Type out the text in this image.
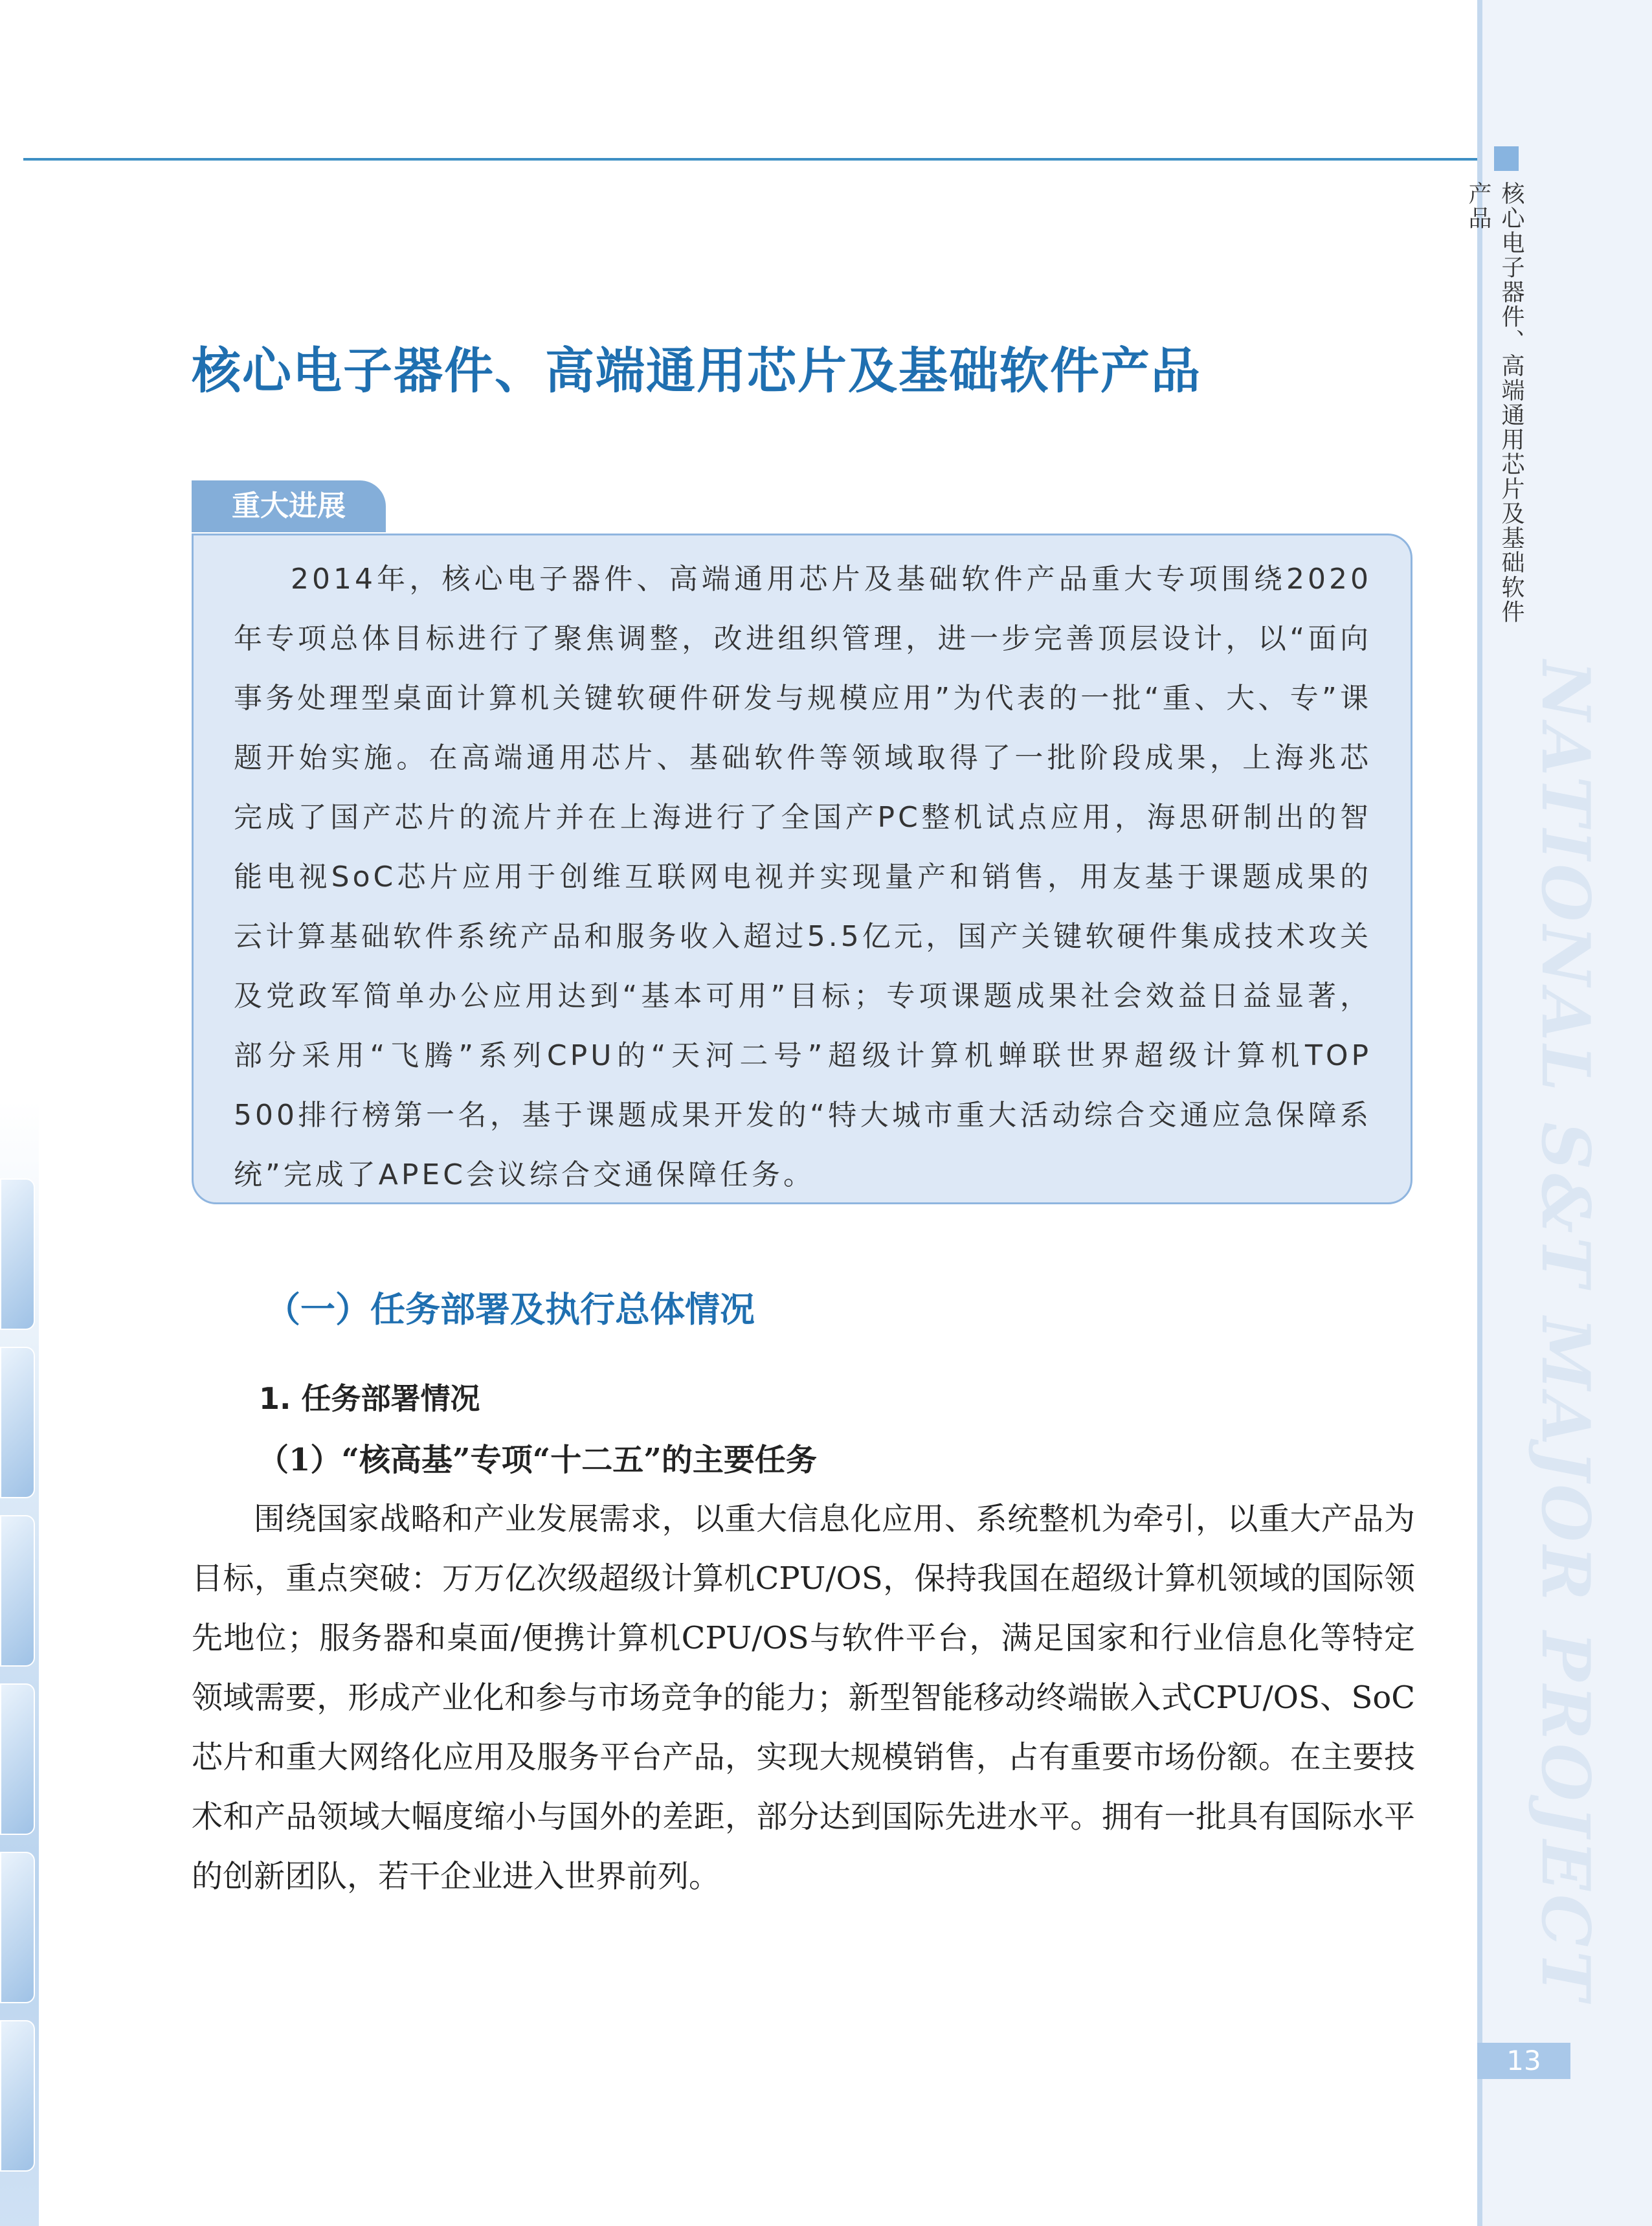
核心电子器件、高端通用芯片及基础软件产品
NATIONAL S&T MAJOR PROJECT
13
核心电子器件、高端通用芯片及基础软件产品
重大进展

2014年，核心电子器件、高端通用芯片及基础软件产品重大专项围绕2020年专项总体目标进行了聚焦调整，改进组织管理，进一步完善顶层设计，以“面向事务处理型桌面计算机关键软硬件研发与规模应用”为代表的一批“重、大、专”课题开始实施。在高端通用芯片、基础软件等领域取得了一批阶段成果，上海兆芯完成了国产芯片的流片并在上海进行了全国产PC整机试点应用，海思研制出的智能电视SoC芯片应用于创维互联网电视并实现量产和销售，用友基于课题成果的云计算基础软件系统产品和服务收入超过5.5亿元，国产关键软硬件集成技术攻关及党政军简单办公应用达到“基本可用”目标；专项课题成果社会效益日益显著，部分采用“飞腾”系列CPU的“天河二号”超级计算机蝉联世界超级计算机TOP 500排行榜第一名，基于课题成果开发的“特大城市重大活动综合交通应急保障系统”完成了APEC会议综合交通保障任务。

（一）任务部署及执行总体情况
1. 任务部署情况
（1）“核高基”专项“十二五”的主要任务

围绕国家战略和产业发展需求，以重大信息化应用、系统整机为牵引，以重大产品为目标，重点突破：万万亿次级超级计算机CPU/OS，保持我国在超级计算机领域的国际领先地位；服务器和桌面/便携计算机CPU/OS与软件平台，满足国家和行业信息化等特定领域需要，形成产业化和参与市场竞争的能力；新型智能移动终端嵌入式CPU/OS、SoC芯片和重大网络化应用及服务平台产品，实现大规模销售，占有重要市场份额。在主要技术和产品领域大幅度缩小与国外的差距，部分达到国际先进水平。拥有一批具有国际水平的创新团队，若干企业进入世界前列。
